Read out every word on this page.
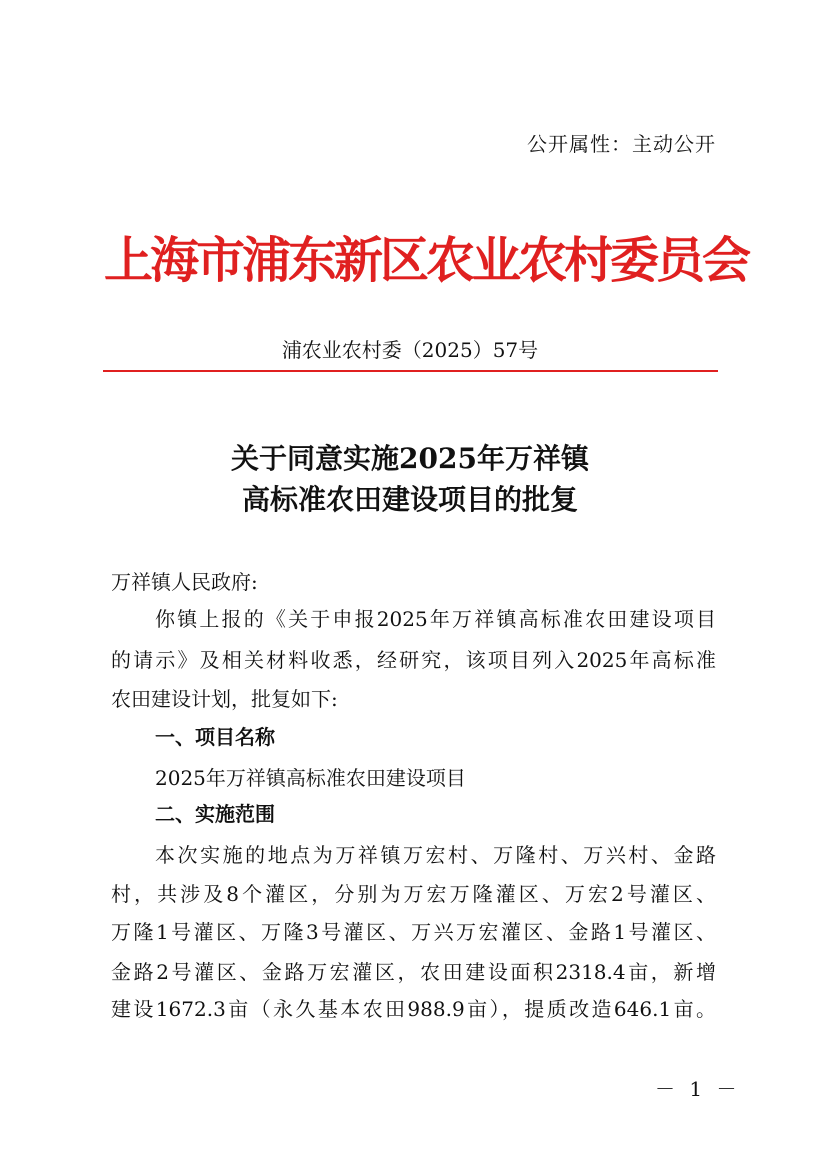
公开属性：主动公开
上海市浦东新区农业农村委员会
浦农业农村委（2025）57号
关于同意实施2025年万祥镇
高标准农田建设项目的批复
万祥镇人民政府:
你镇上报的《关于申报2025年万祥镇高标准农田建设项目
的请示》及相关材料收悉，经研究，该项目列入2025年高标准
农田建设计划，批复如下:
一、项目名称
2025年万祥镇高标准农田建设项目
二、实施范围
本次实施的地点为万祥镇万宏村、万隆村、万兴村、金路
村，共涉及8个灌区，分别为万宏万隆灌区、万宏2号灌区、
万隆1号灌区、万隆3号灌区、万兴万宏灌区、金路1号灌区、
金路2号灌区、金路万宏灌区，农田建设面积2318.4亩，新增
建设1672.3亩（永久基本农田988.9亩），提质改造646.1亩。
－ 1 －
